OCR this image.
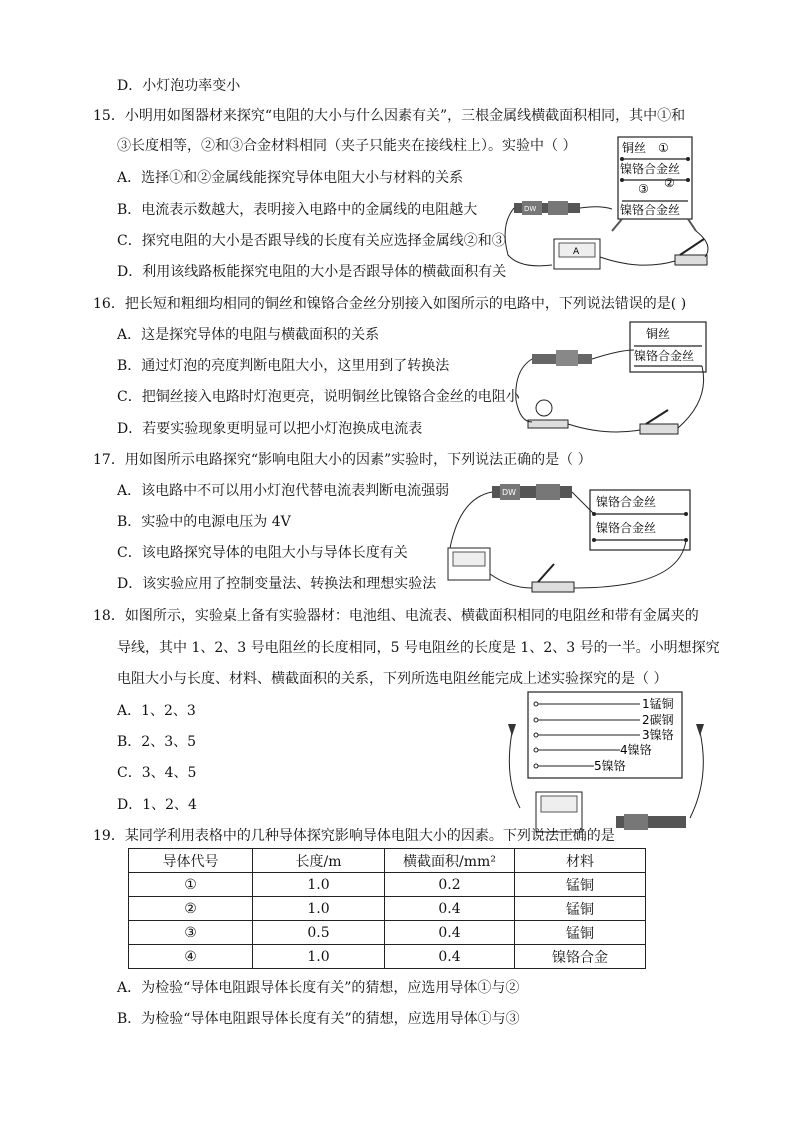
D．小灯泡功率变小
15．小明用如图器材来探究“电阻的大小与什么因素有关”，三根金属线横截面积相同，其中①和
③长度相等，②和③合金材料相同（夹子只能夹在接线柱上）。实验中（ ）
A．选择①和②金属线能探究导体电阻大小与材料的关系
B．电流表示数越大，表明接入电路中的金属线的电阻越大
C．探究电阻的大小是否跟导线的长度有关应选择金属线②和③
D．利用该线路板能探究电阻的大小是否跟导体的横截面积有关
铜丝 ①
镍铬合金丝
③ ②
镍铬合金丝
DW
A
16．把长短和粗细均相同的铜丝和镍铬合金丝分别接入如图所示的电路中，下列说法错误的是( )
A．这是探究导体的电阻与横截面积的关系
B．通过灯泡的亮度判断电阻大小，这里用到了转换法
C．把铜丝接入电路时灯泡更亮，说明铜丝比镍铬合金丝的电阻小
D．若要实验现象更明显可以把小灯泡换成电流表
铜丝
镍铬合金丝
17．用如图所示电路探究“影响电阻大小的因素”实验时，下列说法正确的是（ ）
A．该电路中不可以用小灯泡代替电流表判断电流强弱
B．实验中的电源电压为 4V
C．该电路探究导体的电阻大小与导体长度有关
D．该实验应用了控制变量法、转换法和理想实验法
DW
镍铬合金丝
镍铬合金丝
18．如图所示，实验桌上备有实验器材：电池组、电流表、横截面积相同的电阻丝和带有金属夹的
导线，其中 1、2、3 号电阻丝的长度相同，5 号电阻丝的长度是 1、2、3 号的一半。小明想探究
电阻大小与长度、材料、横截面积的关系，下列所选电阻丝能完成上述实验探究的是（ ）
A．1、2、3
B．2、3、5
C．3、4、5
D．1、2、4
1锰铜
2碳钢
3镍铬
4镍铬
5镍铬
19．某同学利用表格中的几种导体探究影响导体电阻大小的因素。下列说法正确的是
导体代号	长度/m	横截面积/mm²	材料
①	1.0	0.2	锰铜
②	1.0	0.4	锰铜
③	0.5	0.4	锰铜
④	1.0	0.4	镍铬合金
A．为检验“导体电阻跟导体长度有关”的猜想，应选用导体①与②
B．为检验“导体电阻跟导体长度有关”的猜想，应选用导体①与③
